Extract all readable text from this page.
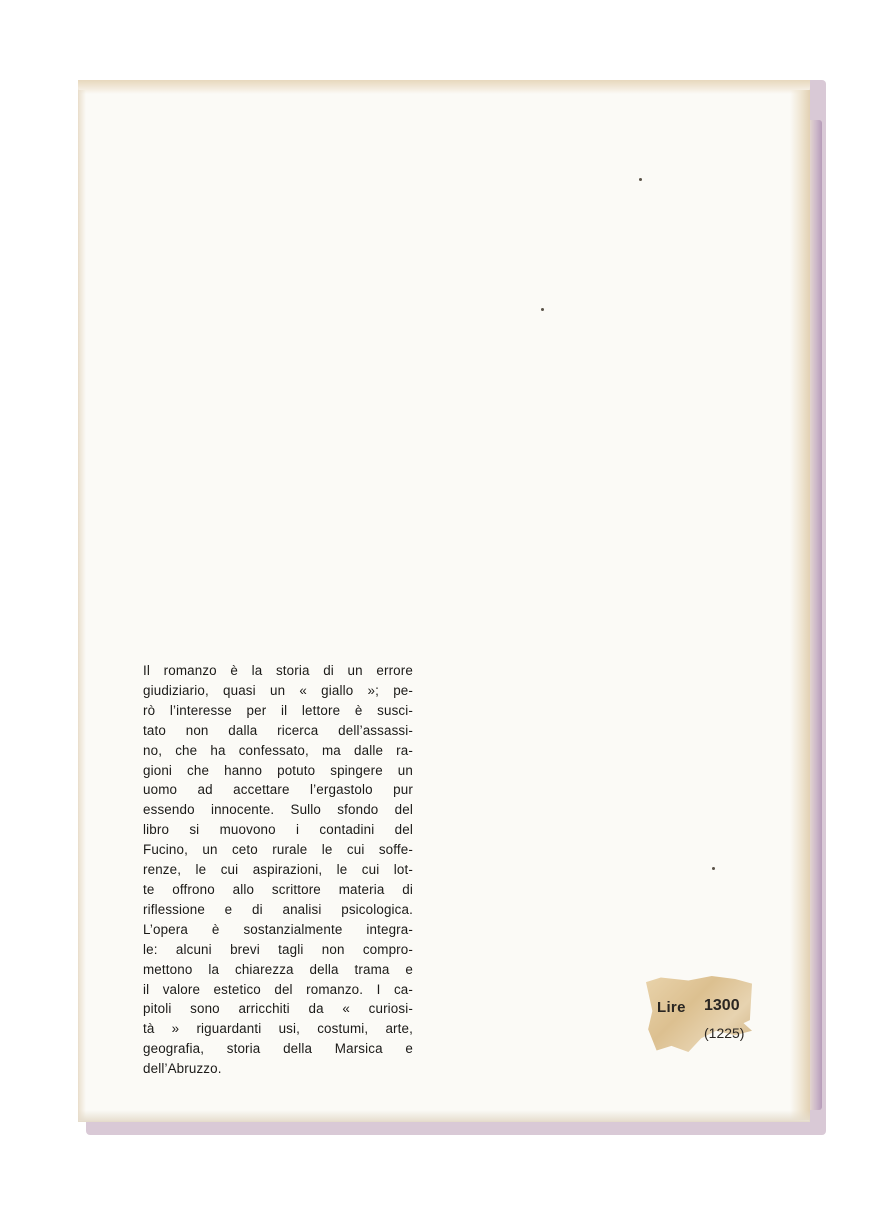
Il romanzo è la storia di un errore
giudiziario, quasi un « giallo »; pe-
rò l’interesse per il lettore è susci-
tato non dalla ricerca dell’assassi-
no, che ha confessato, ma dalle ra-
gioni che hanno potuto spingere un
uomo ad accettare l’ergastolo pur
essendo innocente. Sullo sfondo del
libro si muovono i contadini del
Fucino, un ceto rurale le cui soffe-
renze, le cui aspirazioni, le cui lot-
te offrono allo scrittore materia di
riflessione e di analisi psicologica.
L’opera è sostanzialmente integra-
le: alcuni brevi tagli non compro-
mettono la chiarezza della trama e
il valore estetico del romanzo. I ca-
pitoli sono arricchiti da « curiosi-
tà » riguardanti usi, costumi, arte,
geografia, storia della Marsica e
dell’Abruzzo.

Lire 1300
(1225)
